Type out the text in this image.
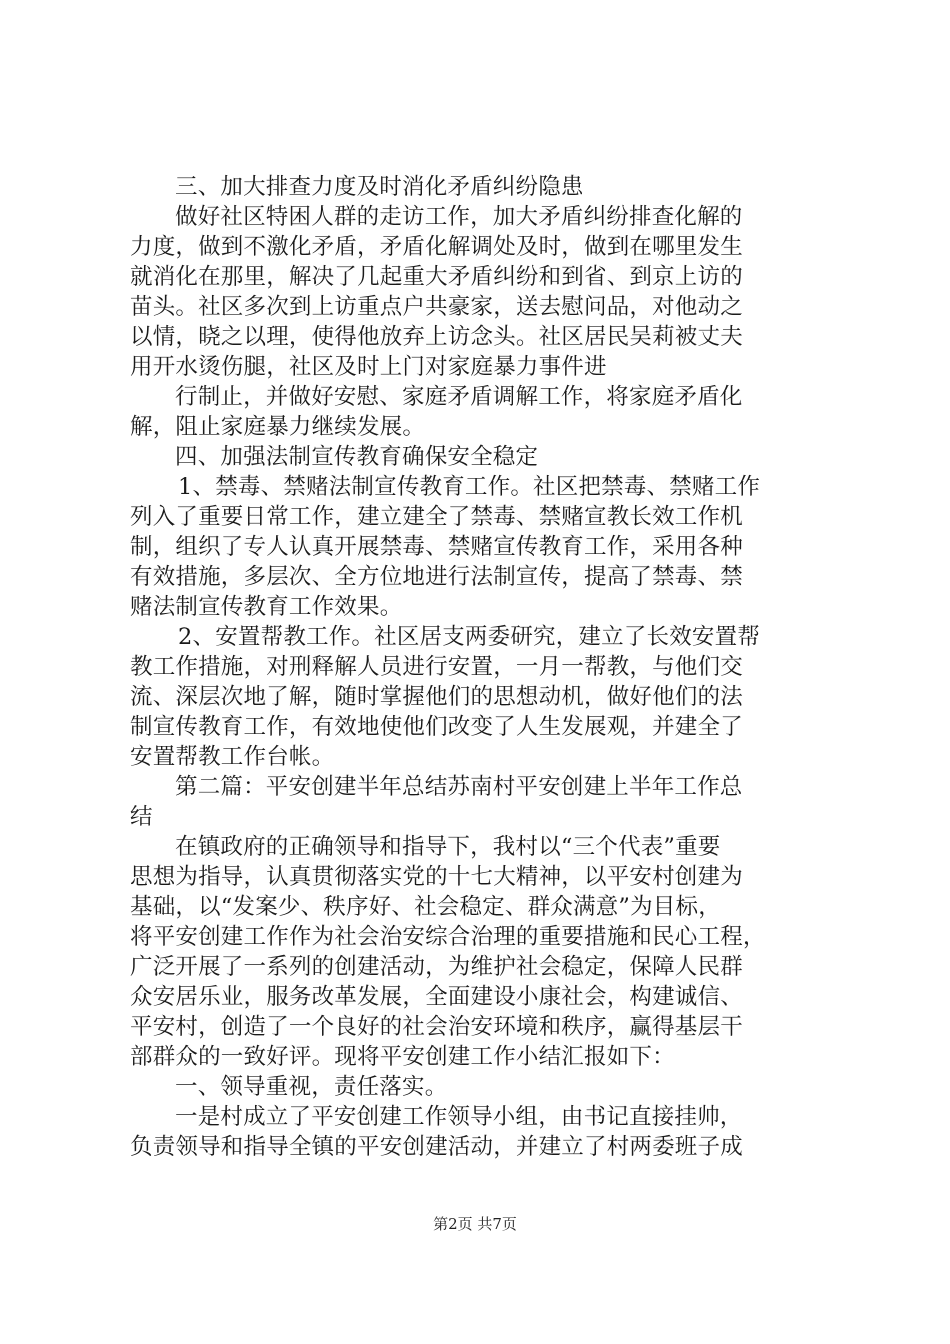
三、加大排查力度及时消化矛盾纠纷隐患
做好社区特困人群的走访工作，加大矛盾纠纷排查化解的
力度，做到不激化矛盾，矛盾化解调处及时，做到在哪里发生
就消化在那里，解决了几起重大矛盾纠纷和到省、到京上访的
苗头。社区多次到上访重点户共豪家，送去慰问品，对他动之
以情，晓之以理，使得他放弃上访念头。社区居民吴莉被丈夫
用开水烫伤腿，社区及时上门对家庭暴力事件进
行制止，并做好安慰、家庭矛盾调解工作，将家庭矛盾化
解，阻止家庭暴力继续发展。
四、加强法制宣传教育确保安全稳定
1、禁毒、禁赌法制宣传教育工作。社区把禁毒、禁赌工作
列入了重要日常工作，建立建全了禁毒、禁赌宣教长效工作机
制，组织了专人认真开展禁毒、禁赌宣传教育工作，采用各种
有效措施，多层次、全方位地进行法制宣传，提高了禁毒、禁
赌法制宣传教育工作效果。
2、安置帮教工作。社区居支两委研究，建立了长效安置帮
教工作措施，对刑释解人员进行安置，一月一帮教，与他们交
流、深层次地了解，随时掌握他们的思想动机，做好他们的法
制宣传教育工作，有效地使他们改变了人生发展观，并建全了
安置帮教工作台帐。
第二篇：平安创建半年总结苏南村平安创建上半年工作总
结
在镇政府的正确领导和指导下，我村以“三个代表”重要
思想为指导，认真贯彻落实党的十七大精神，以平安村创建为
基础，以“发案少、秩序好、社会稳定、群众满意”为目标，
将平安创建工作作为社会治安综合治理的重要措施和民心工程，
广泛开展了一系列的创建活动，为维护社会稳定，保障人民群
众安居乐业，服务改革发展，全面建设小康社会，构建诚信、
平安村，创造了一个良好的社会治安环境和秩序，赢得基层干
部群众的一致好评。现将平安创建工作小结汇报如下：
一、领导重视，责任落实。
一是村成立了平安创建工作领导小组，由书记直接挂帅，
负责领导和指导全镇的平安创建活动，并建立了村两委班子成
第2页 共7页
